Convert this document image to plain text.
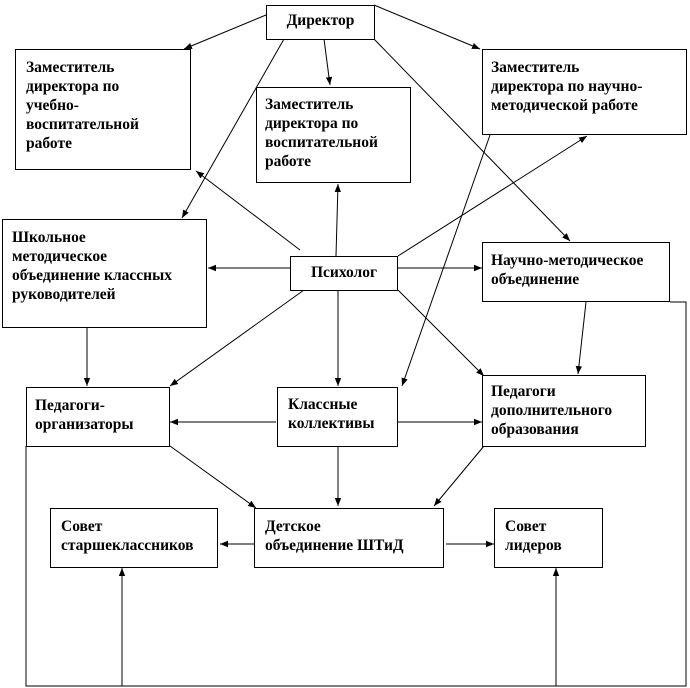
Директор
Заместитель
директора по
учебно-
воспитательной
работе
Заместитель
директора по
воспитательной
работе
Заместитель
директора по научно-
методической работе
Школьное
методическое
объединение классных
руководителей
Психолог
Научно-методическое
объединение
Педагоги-
организаторы
Классные
коллективы
Педагоги
дополнительного
образования
Совет
старшеклассников
Детское
объединение ШТиД
Совет
лидеров
